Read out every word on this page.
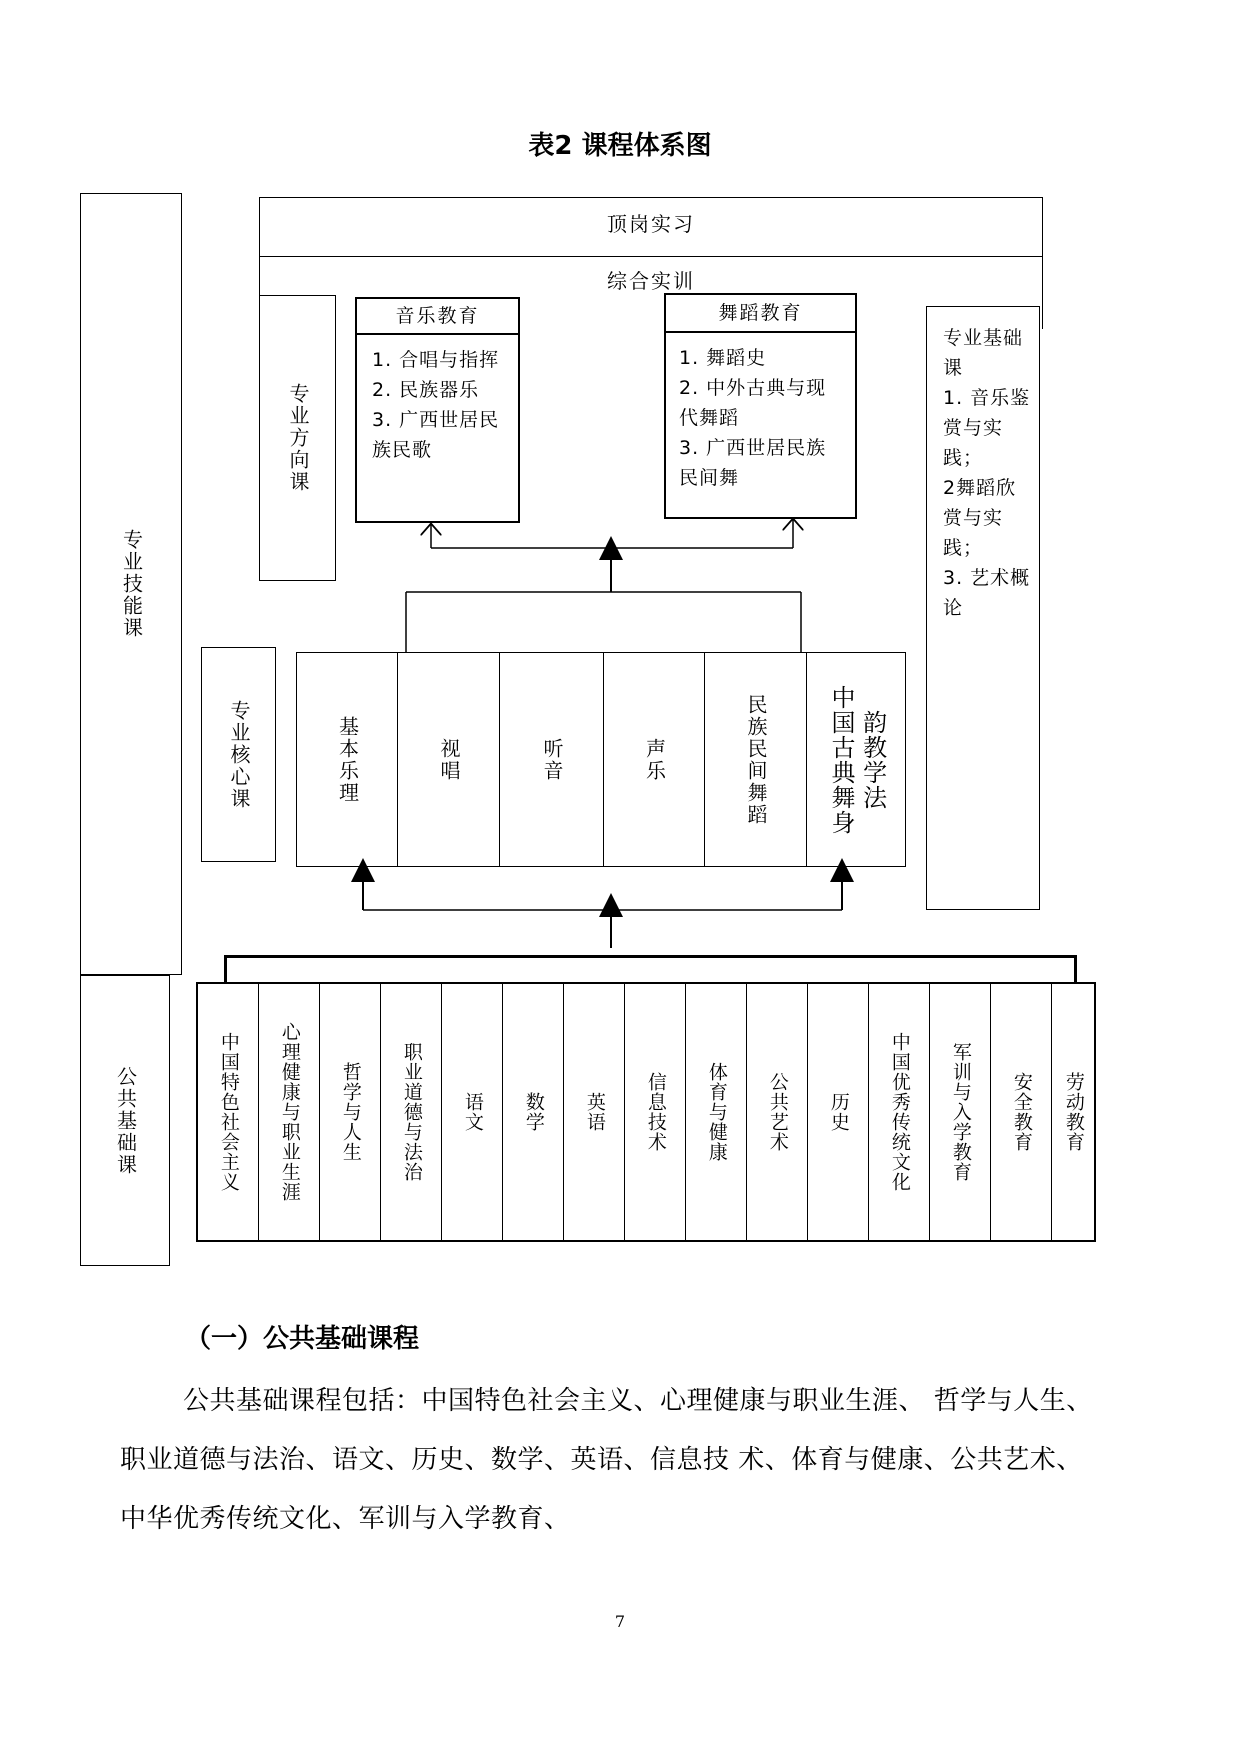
表2 课程体系图
专业技能课
公共基础课
顶岗实习
综合实训
专业方向课
音乐教育

1. 合唱与指挥

2. 民族器乐

3. 广西世居民族民歌

舞蹈教育

1. 舞蹈史

2. 中外古典与现代舞蹈

3. 广西世居民族民间舞

专业基础 课

1. 音乐鉴赏与实践；

2舞蹈欣赏与实践；

3. 艺术概论

专业核心课	基本乐理	视唱	听音	声乐	民族民间舞蹈 中国古典舞身 韵教学法
中国特色社会主义 心理健康与职业生涯 哲学与人生 职业道德与法治 语文 数学 英语 信息技术 体育与健康 公共艺术 历史 中国优秀传统文化 军训与入学教育 安全教育 劳动教育
（一）公共基础课程
公共基础课程包括：中国特色社会主义、心理健康与职业生涯、 哲学与人生、职业道德与法治、语文、历史、数学、英语、信息技 术、体育与健康、公共艺术、中华优秀传统文化、军训与入学教育、
7
